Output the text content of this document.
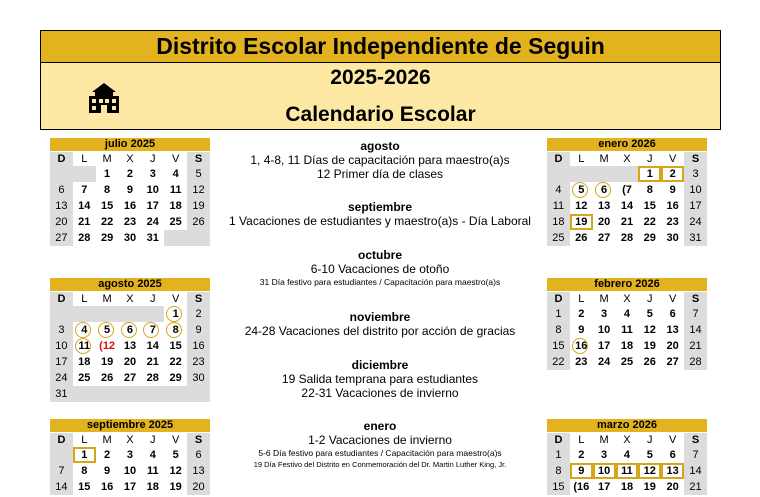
Distrito Escolar Independiente de Seguin
2025-2026
Calendario Escolar
julio 2025
D	L	M	X	J	V	S
		1	2	3	4	5
6	7	8	9	10	11	12
13	14	15	16	17	18	19
20	21	22	23	24	25	26
27	28	29	30	31		
agosto 2025
D	L	M	X	J	V	S
					1	2
3	4	5	6	7	8	9
10	11	(12	13	14	15	16
17	18	19	20	21	22	23
24	25	26	27	28	29	30
31						
septiembre 2025
D	L	M	X	J	V	S
	1	2	3	4	5	6
7	8	9	10	11	12	13
14	15	16	17	18	19	20
enero 2026
D	L	M	X	J	V	S
				1	2	3
4	5	6	(7	8	9	10
11	12	13	14	15	16	17
18	19	20	21	22	23	24
25	26	27	28	29	30	31
febrero 2026
D	L	M	X	J	V	S
1	2	3	4	5	6	7
8	9	10	11	12	13	14
15	16	17	18	19	20	21
22	23	24	25	26	27	28
marzo 2026
D	L	M	X	J	V	S
1	2	3	4	5	6	7
8	9	10	11	12	13	14
15	(16	17	18	19	20	21
agosto
1, 4-8, 11 Días de capacitación para maestro(a)s
12 Primer día de clases
septiembre
1 Vacaciones de estudiantes y maestro(a)s - Día Laboral
octubre
6-10 Vacaciones de otoño
31 Día festivo para estudiantes / Capacitación para maestro(a)s
noviembre
24-28 Vacaciones del distrito por acción de gracias
diciembre
19 Salida temprana para estudiantes
22-31 Vacaciones de invierno
enero
1-2 Vacaciones de invierno
5-6 Día festivo para estudiantes / Capacitación para maestro(a)s
19 Día Festivo del Distrito en Conmemoración del Dr. Martin Luther King, Jr.
